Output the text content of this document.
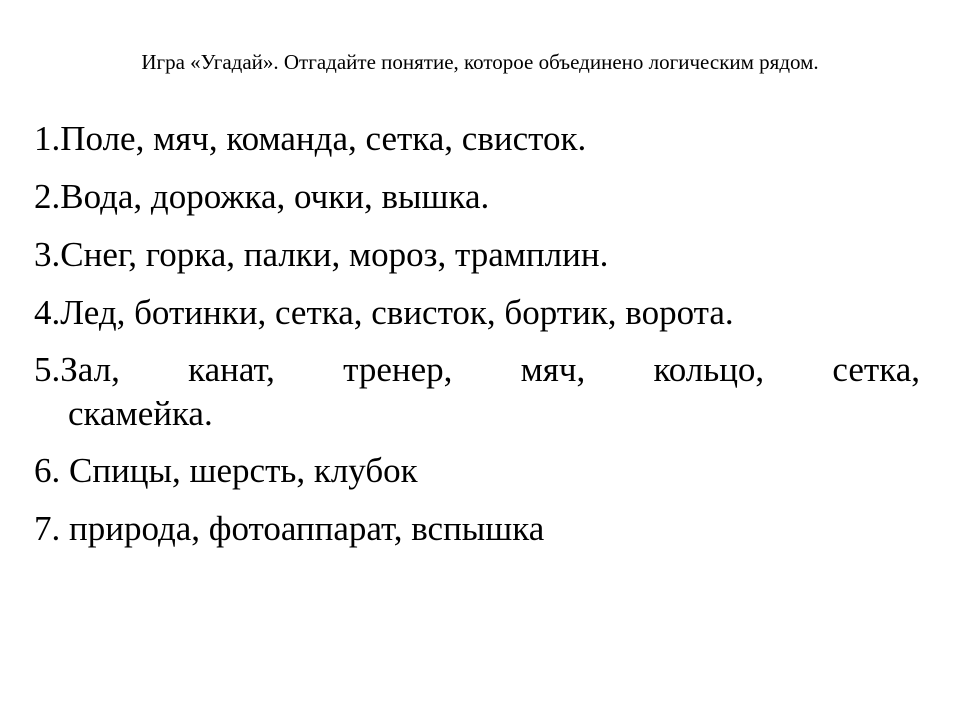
Игра «Угадай». Отгадайте понятие, которое объединено логическим рядом.
1.Поле, мяч, команда, сетка, свисток.
2.Вода, дорожка, очки, вышка.
3.Снег, горка, палки, мороз, трамплин.
4.Лед, ботинки, сетка, свисток, бортик, ворота.
5.Зал, канат, тренер, мяч, кольцо, сетка,
скамейка.
6. Спицы, шерсть, клубок
7. природа, фотоаппарат, вспышка
